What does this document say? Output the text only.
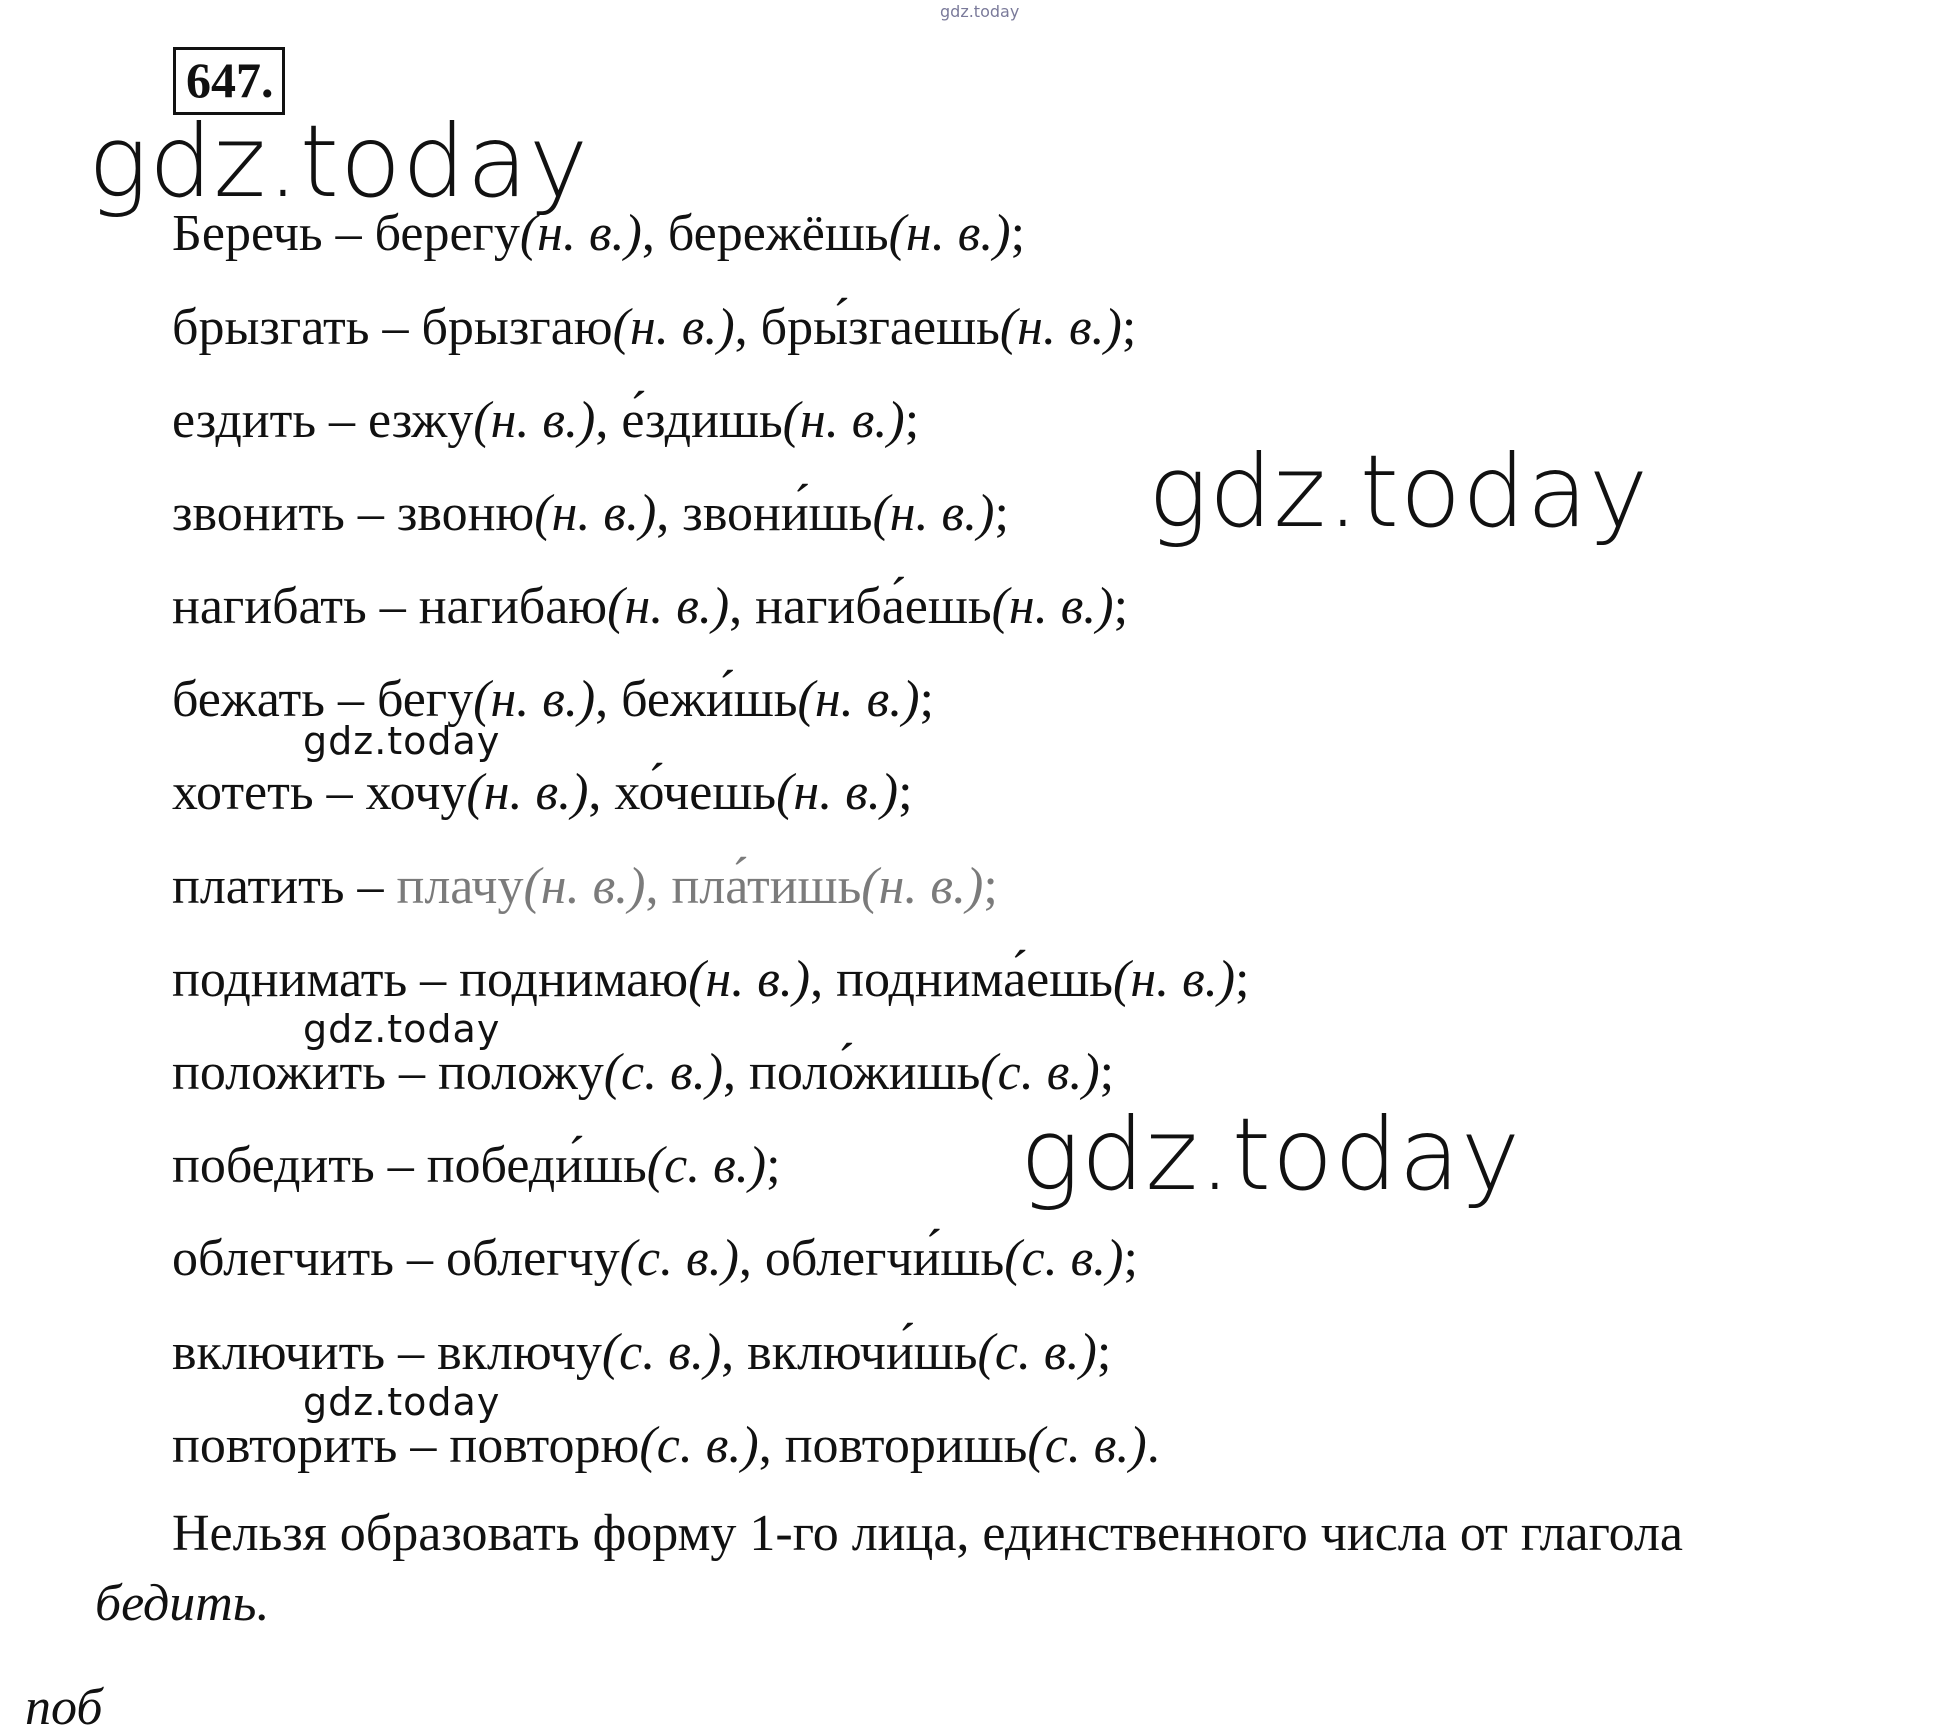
gdz.today
647.
gdz.today
Беречь – берегу(н. в.), бережёшь(н. в.);
брызгать – брызгаю(н. в.), бры́згаешь(н. в.);
ездить – езжу(н. в.), е́здишь(н. в.);
звонить – звоню(н. в.), звони́шь(н. в.);
нагибать – нагибаю(н. в.), нагиба́ешь(н. в.);
бежать – бегу(н. в.), бежи́шь(н. в.);
хотеть – хочу(н. в.), хо́чешь(н. в.);
платить – плачу(н. в.), пла́тишь(н. в.);
поднимать – поднимаю(н. в.), поднима́ешь(н. в.);
положить – положу(с. в.), поло́жишь(с. в.);
победить – победи́шь(с. в.);
облегчить – облегчу(с. в.), облегчи́шь(с. в.);
включить – включу(с. в.), включи́шь(с. в.);
повторить – повторю(с. в.), повторишь(с. в.).
gdz.today
gdz.today
gdz.today
gdz.today
gdz.today
Нельзя образовать форму 1-го лица, единственного числа от глагола
бедить.
поб
